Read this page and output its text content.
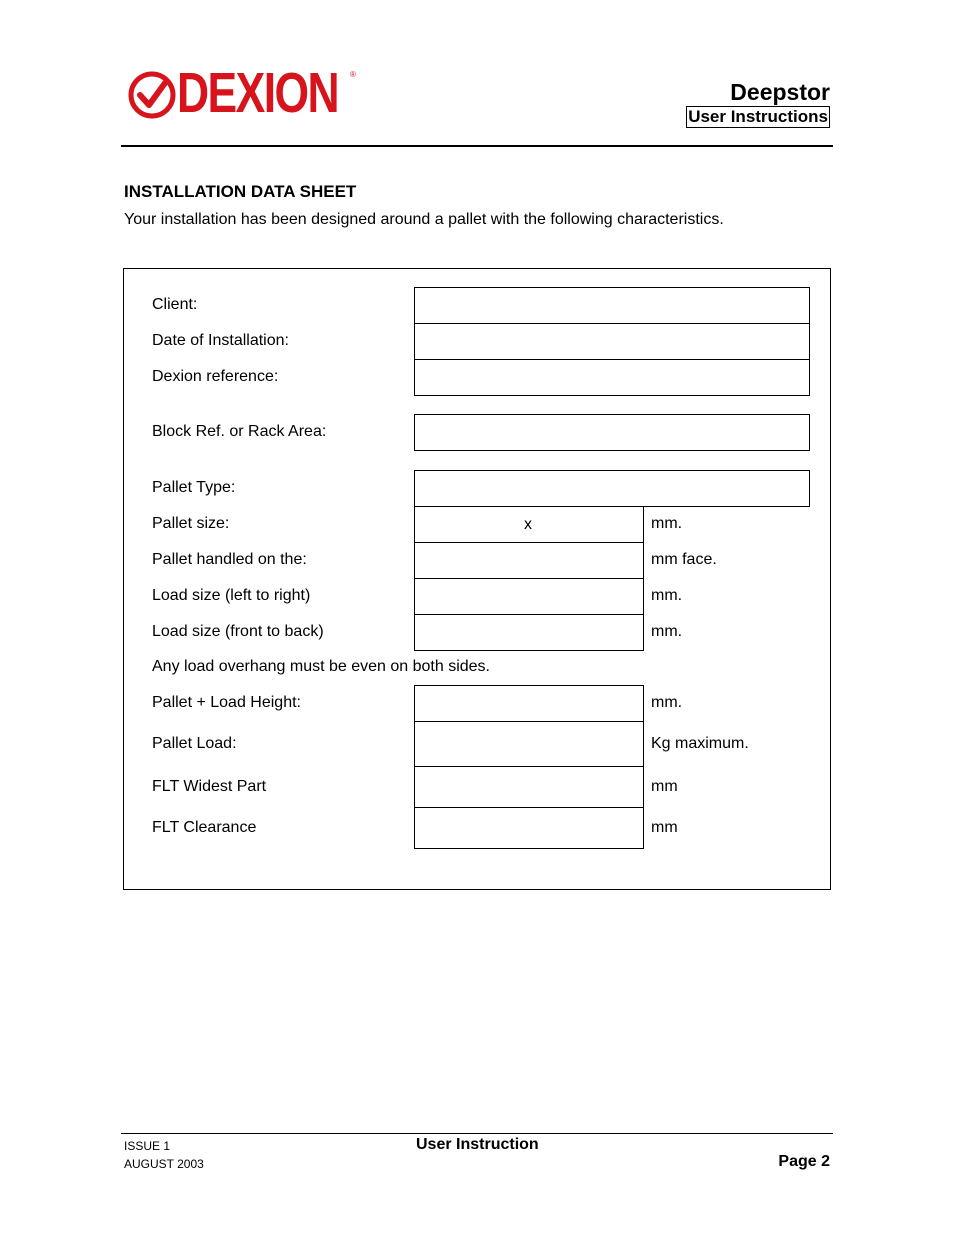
DEXION ®
Deepstor
User Instructions
INSTALLATION DATA SHEET
Your installation has been designed around a pallet with the following characteristics.
Client:
Date of Installation:
Dexion reference:
Block Ref. or Rack Area:
Pallet Type:
Pallet size:	x	mm.
Pallet handled on the:	mm face.
Load size (left to right)	mm.
Load size (front to back)	mm.
Any load overhang must be even on both sides.
Pallet + Load Height:	mm.
Pallet Load:	Kg maximum.
FLT Widest Part	mm
FLT Clearance	mm
ISSUE 1
AUGUST 2003
User Instruction
Page 2
